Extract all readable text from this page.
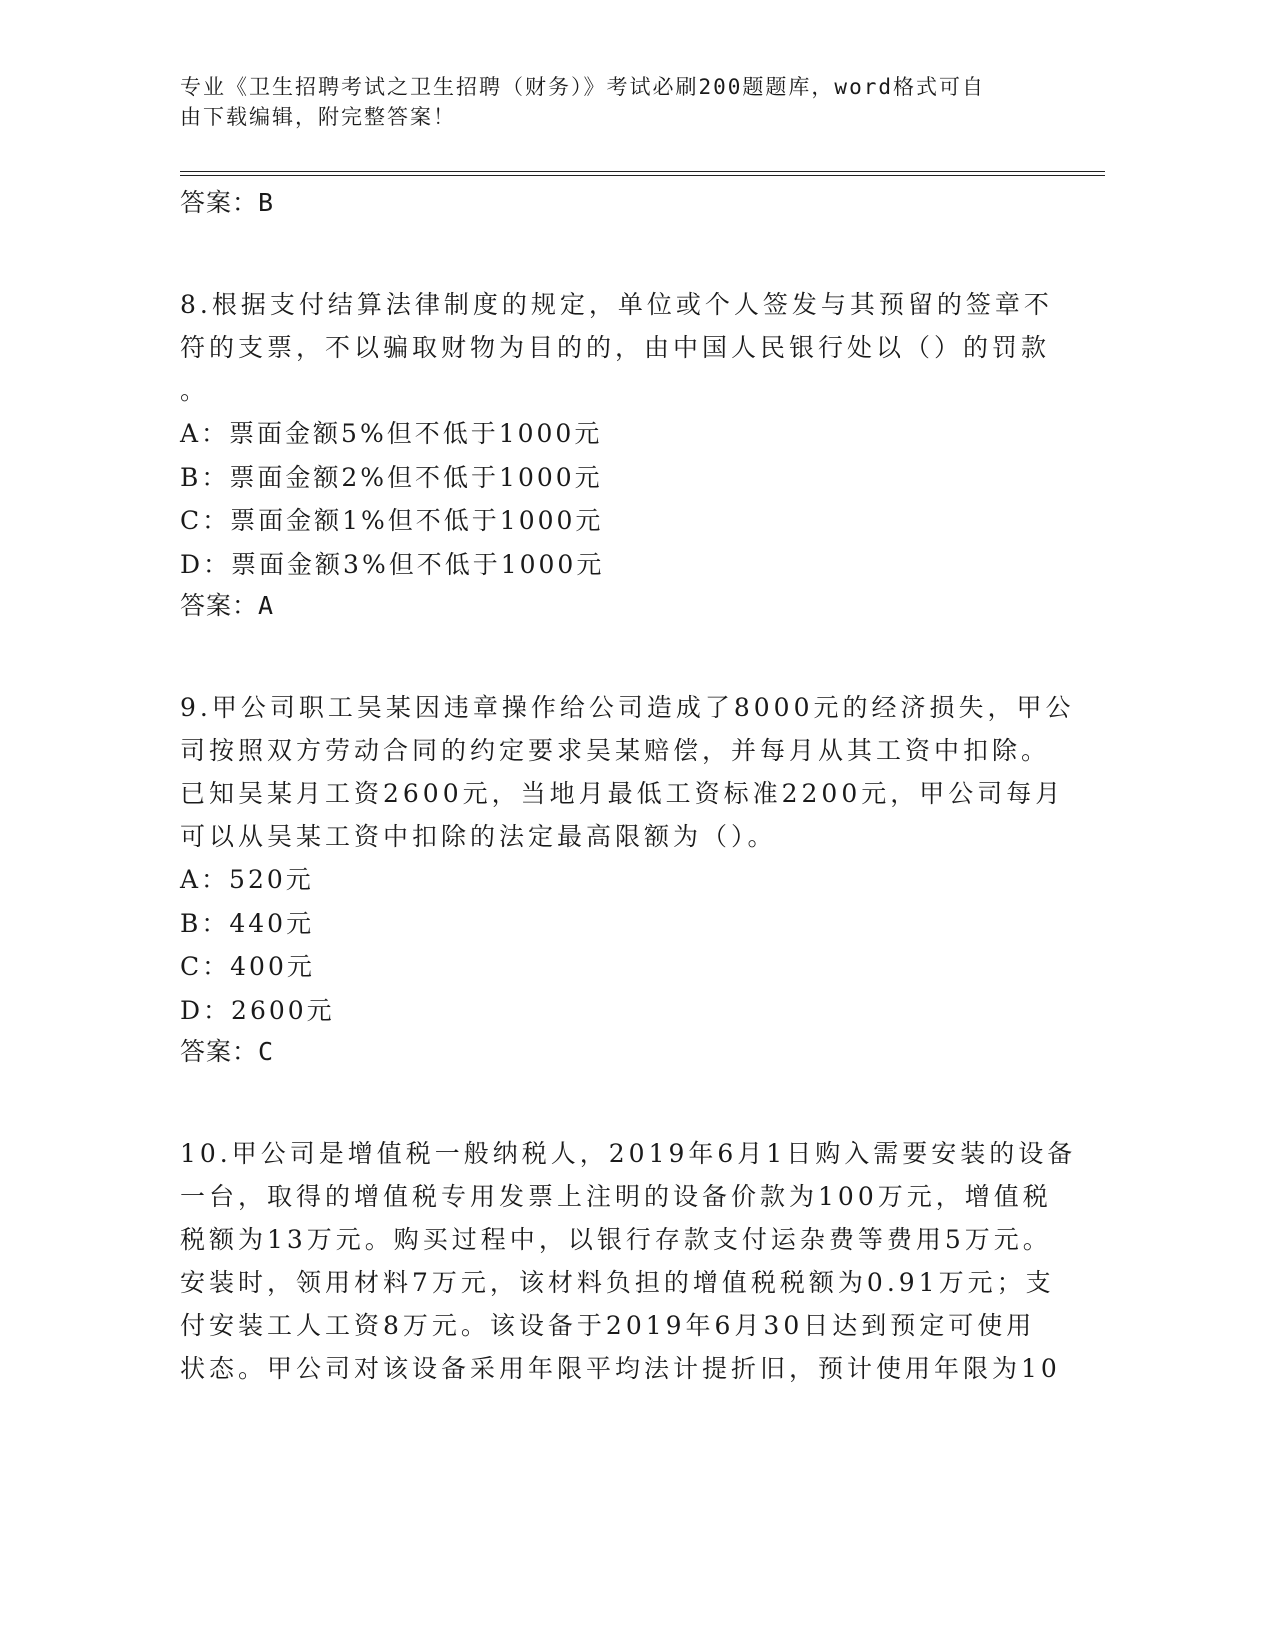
专业《卫生招聘考试之卫生招聘（财务）》考试必刷200题题库，word格式可自
由下载编辑，附完整答案！
答案：B
8.根据支付结算法律制度的规定，单位或个人签发与其预留的签章不
符的支票，不以骗取财物为目的的，由中国人民银行处以（）的罚款
。
A：票面金额5%但不低于1000元
B：票面金额2%但不低于1000元
C：票面金额1%但不低于1000元
D：票面金额3%但不低于1000元
答案：A
9.甲公司职工吴某因违章操作给公司造成了8000元的经济损失，甲公
司按照双方劳动合同的约定要求吴某赔偿，并每月从其工资中扣除。
已知吴某月工资2600元，当地月最低工资标准2200元，甲公司每月
可以从吴某工资中扣除的法定最高限额为（）。
A：520元
B：440元
C：400元
D：2600元
答案：C
10.甲公司是增值税一般纳税人，2019年6月1日购入需要安装的设备
一台，取得的增值税专用发票上注明的设备价款为100万元，增值税
税额为13万元。购买过程中，以银行存款支付运杂费等费用5万元。
安装时，领用材料7万元，该材料负担的增值税税额为0.91万元；支
付安装工人工资8万元。该设备于2019年6月30日达到预定可使用
状态。甲公司对该设备采用年限平均法计提折旧，预计使用年限为10
